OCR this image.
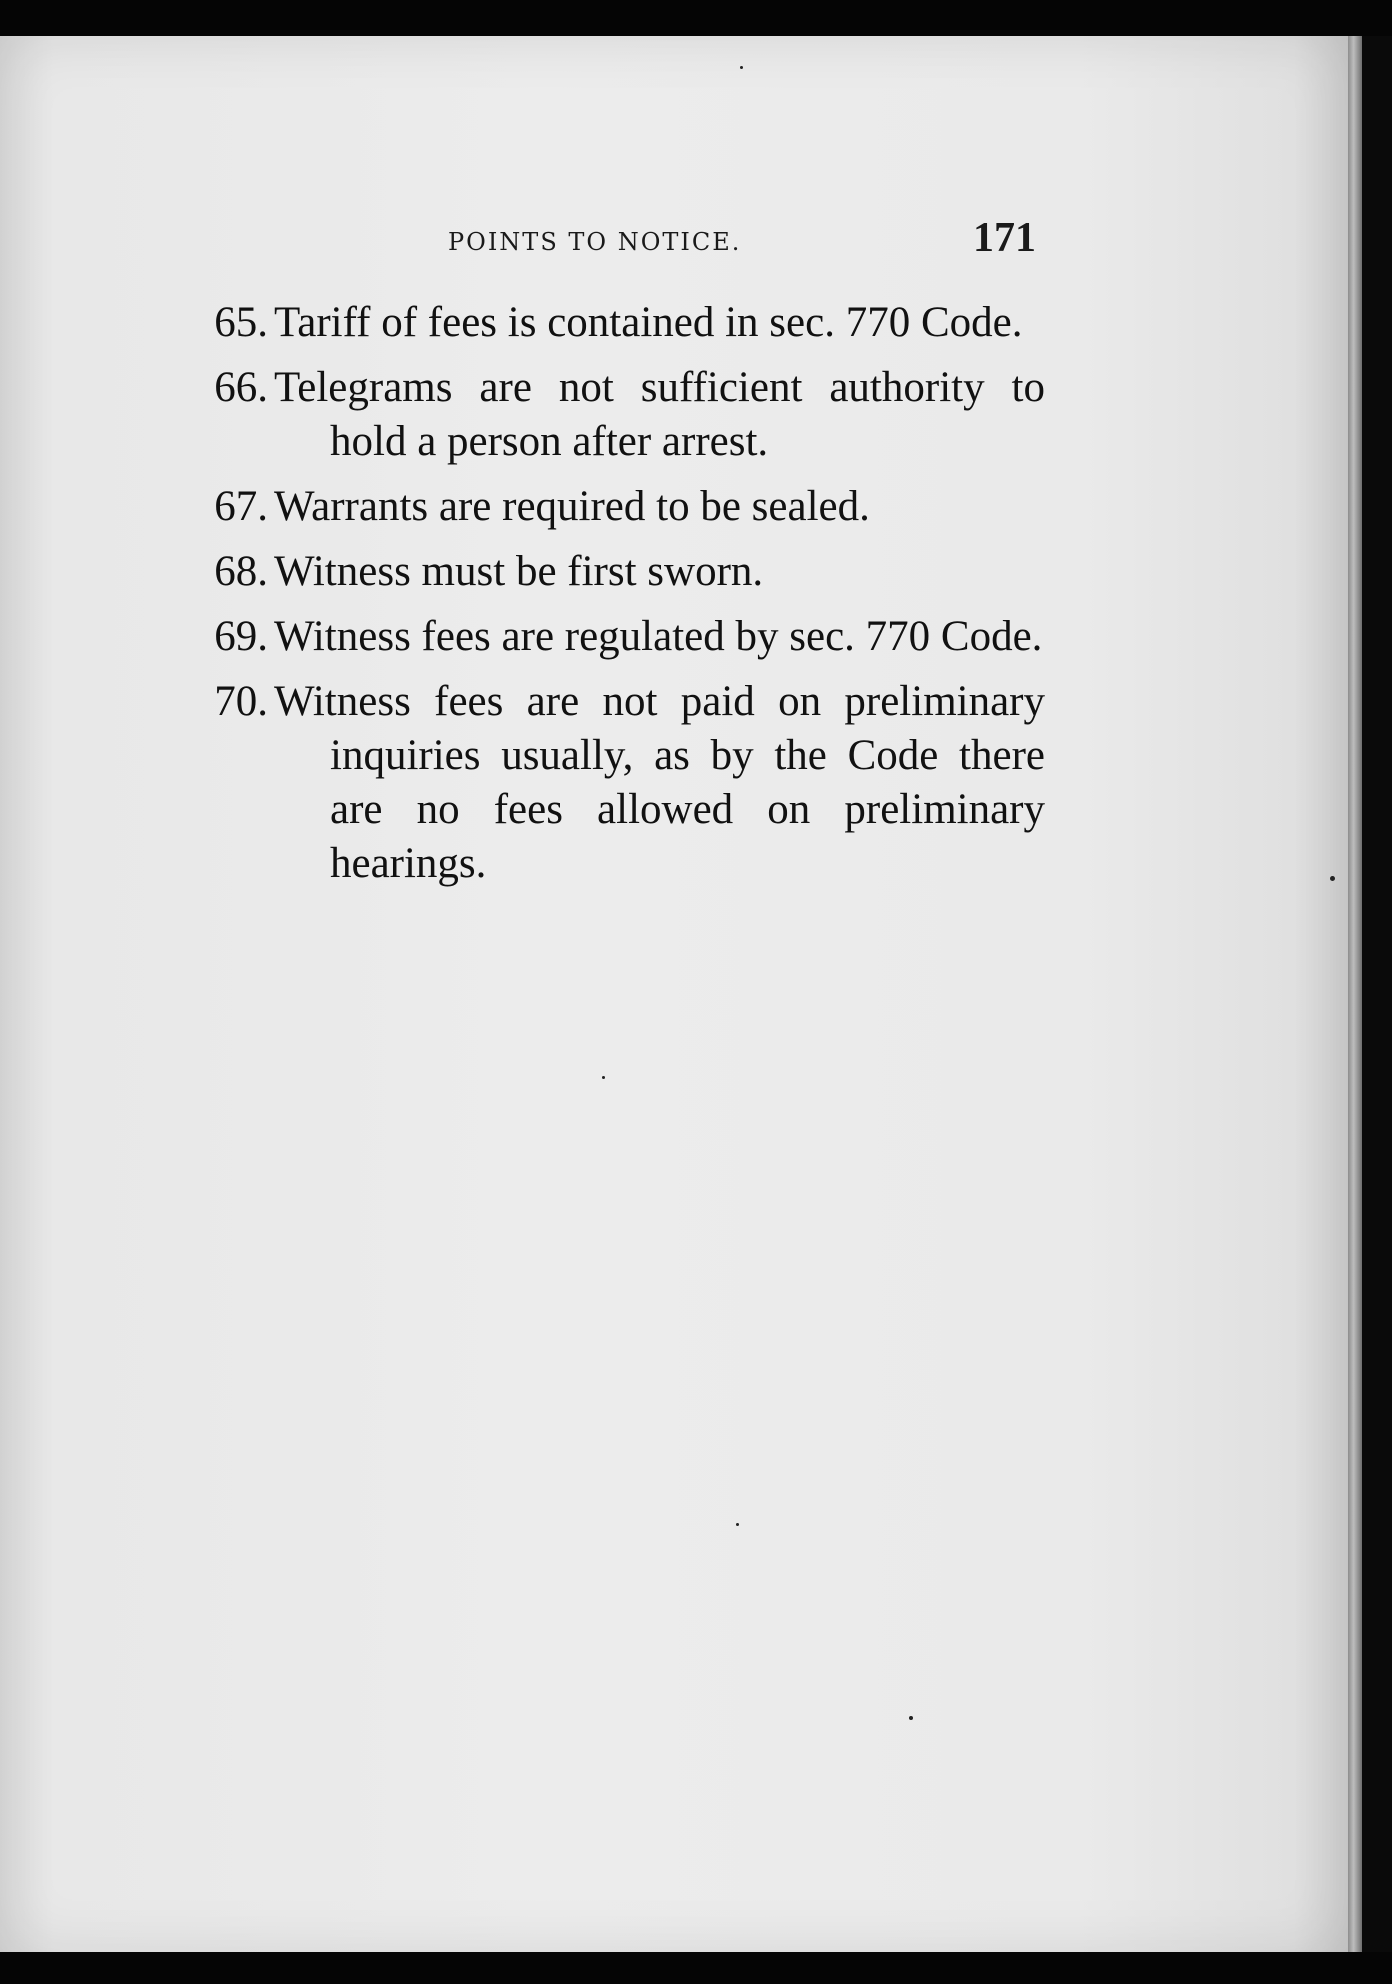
POINTS TO NOTICE.	171
65. Tariff of fees is contained in sec. 770 Code.
66. Telegrams are not sufficient authority to hold a person after arrest.
67. Warrants are required to be sealed.
68. Witness must be first sworn.
69. Witness fees are regulated by sec. 770 Code.
70. Witness fees are not paid on preliminary inquiries usually, as by the Code there are no fees allowed on preliminary hearings.
